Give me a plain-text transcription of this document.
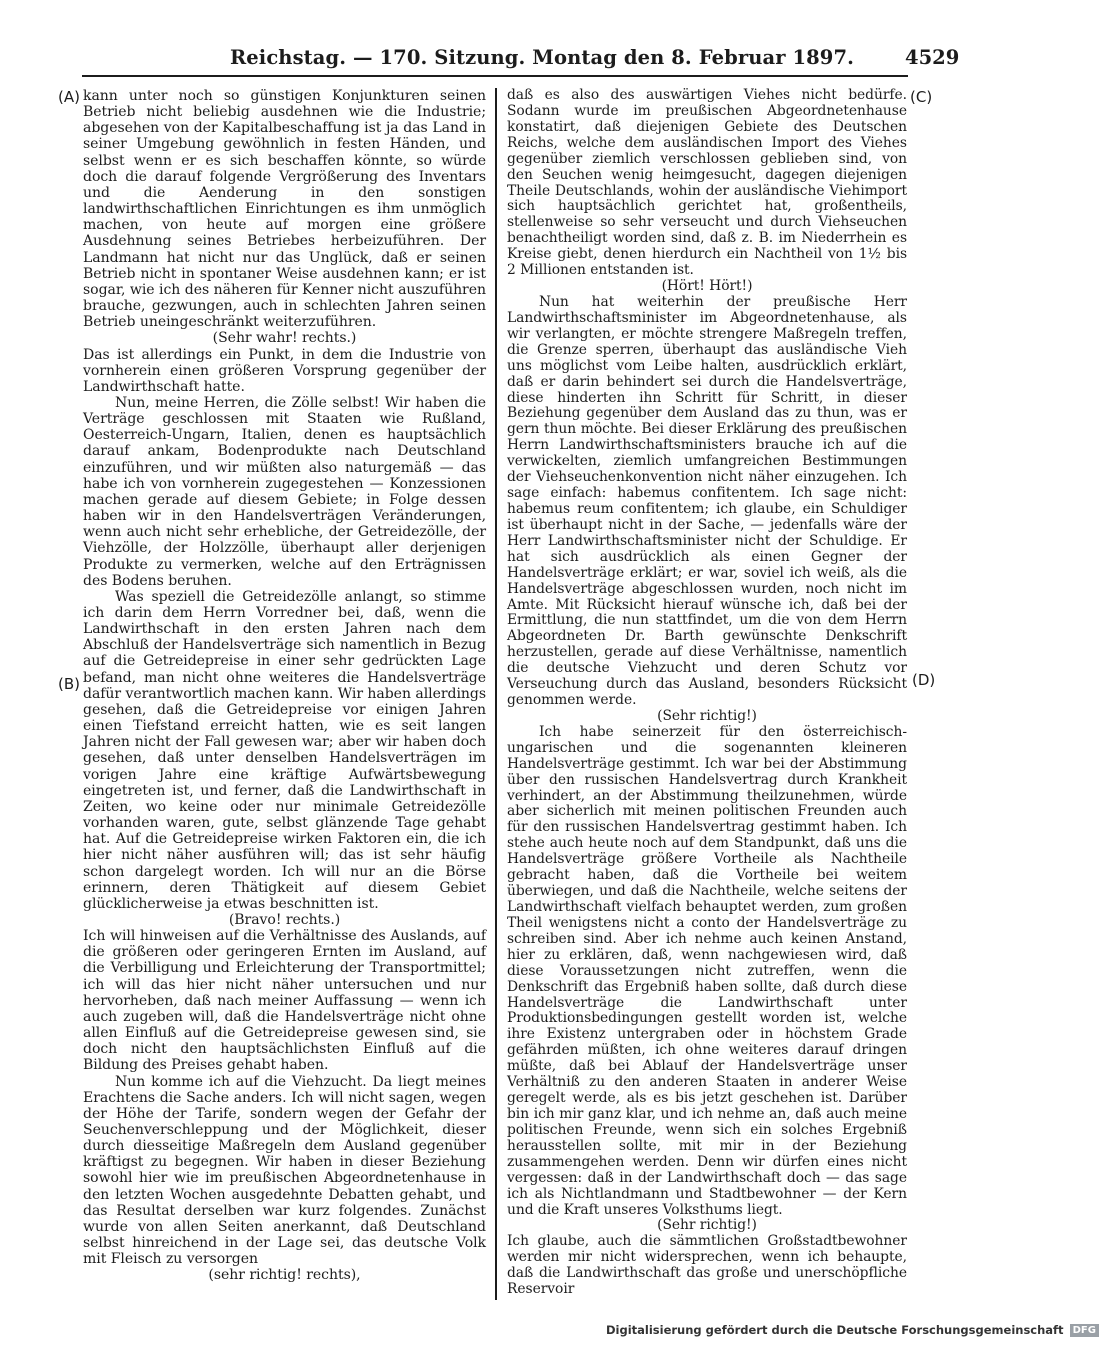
Reichstag. — 170. Sitzung. Montag den 8. Februar 1897.	4529
(A)
(B)
(C)
(D)

kann unter noch so günstigen Konjunkturen seinen Betrieb nicht beliebig ausdehnen wie die Industrie; abgesehen von der Kapitalbeschaffung ist ja das Land in seiner Umgebung gewöhnlich in festen Händen, und selbst wenn er es sich beschaffen könnte, so würde doch die darauf folgende Vergrößerung des Inventars und die Aenderung in den sonstigen landwirthschaftlichen Einrichtungen es ihm unmöglich machen, von heute auf morgen eine größere Ausdehnung seines Betriebes herbeizuführen. Der Landmann hat nicht nur das Unglück, daß er seinen Betrieb nicht in spontaner Weise ausdehnen kann; er ist sogar, wie ich des näheren für Kenner nicht auszuführen brauche, gezwungen, auch in schlechten Jahren seinen Betrieb uneingeschränkt weiterzuführen.

(Sehr wahr! rechts.)

Das ist allerdings ein Punkt, in dem die Industrie von vornherein einen größeren Vorsprung gegenüber der Landwirthschaft hatte.

Nun, meine Herren, die Zölle selbst! Wir haben die Verträge geschlossen mit Staaten wie Rußland, Oesterreich-Ungarn, Italien, denen es hauptsächlich darauf ankam, Bodenprodukte nach Deutschland einzuführen, und wir müßten also naturgemäß — das habe ich von vornherein zugegestehen — Konzessionen machen gerade auf diesem Gebiete; in Folge dessen haben wir in den Handelsverträgen Veränderungen, wenn auch nicht sehr erhebliche, der Getreidezölle, der Viehzölle, der Holzzölle, überhaupt aller derjenigen Produkte zu vermerken, welche auf den Erträgnissen des Bodens beruhen.

Was speziell die Getreidezölle anlangt, so stimme ich darin dem Herrn Vorredner bei, daß, wenn die Landwirthschaft in den ersten Jahren nach dem Abschluß der Handelsverträge sich namentlich in Bezug auf die Getreidepreise in einer sehr gedrückten Lage befand, man nicht ohne weiteres die Handelsverträge dafür verantwortlich machen kann. Wir haben allerdings gesehen, daß die Getreidepreise vor einigen Jahren einen Tiefstand erreicht hatten, wie es seit langen Jahren nicht der Fall gewesen war; aber wir haben doch gesehen, daß unter denselben Handelsverträgen im vorigen Jahre eine kräftige Aufwärtsbewegung eingetreten ist, und ferner, daß die Landwirthschaft in Zeiten, wo keine oder nur minimale Getreidezölle vorhanden waren, gute, selbst glänzende Tage gehabt hat. Auf die Getreidepreise wirken Faktoren ein, die ich hier nicht näher ausführen will; das ist sehr häufig schon dargelegt worden. Ich will nur an die Börse erinnern, deren Thätigkeit auf diesem Gebiet glücklicherweise ja etwas beschnitten ist.

(Bravo! rechts.)

Ich will hinweisen auf die Verhältnisse des Auslands, auf die größeren oder geringeren Ernten im Ausland, auf die Verbilligung und Erleichterung der Transportmittel; ich will das hier nicht näher untersuchen und nur hervorheben, daß nach meiner Auffassung — wenn ich auch zugeben will, daß die Handelsverträge nicht ohne allen Einfluß auf die Getreidepreise gewesen sind, sie doch nicht den hauptsächlichsten Einfluß auf die Bildung des Preises gehabt haben.

Nun komme ich auf die Viehzucht. Da liegt meines Erachtens die Sache anders. Ich will nicht sagen, wegen der Höhe der Tarife, sondern wegen der Gefahr der Seuchenverschleppung und der Möglichkeit, dieser durch diesseitige Maßregeln dem Ausland gegenüber kräftigst zu begegnen. Wir haben in dieser Beziehung sowohl hier wie im preußischen Abgeordnetenhause in den letzten Wochen ausgedehnte Debatten gehabt, und das Resultat derselben war kurz folgendes. Zunächst wurde von allen Seiten anerkannt, daß Deutschland selbst hinreichend in der Lage sei, das deutsche Volk mit Fleisch zu versorgen

(sehr richtig! rechts),

daß es also des auswärtigen Viehes nicht bedürfe. Sodann wurde im preußischen Abgeordnetenhause konstatirt, daß diejenigen Gebiete des Deutschen Reichs, welche dem ausländischen Import des Viehes gegenüber ziemlich verschlossen geblieben sind, von den Seuchen wenig heimgesucht, dagegen diejenigen Theile Deutschlands, wohin der ausländische Viehimport sich hauptsächlich gerichtet hat, großentheils, stellenweise so sehr verseucht und durch Viehseuchen benachtheiligt worden sind, daß z. B. im Niederrhein es Kreise giebt, denen hierdurch ein Nachtheil von 1½ bis 2 Millionen entstanden ist.

(Hört! Hört!)

Nun hat weiterhin der preußische Herr Landwirthschaftsminister im Abgeordnetenhause, als wir verlangten, er möchte strengere Maßregeln treffen, die Grenze sperren, überhaupt das ausländische Vieh uns möglichst vom Leibe halten, ausdrücklich erklärt, daß er darin behindert sei durch die Handelsverträge, diese hinderten ihn Schritt für Schritt, in dieser Beziehung gegenüber dem Ausland das zu thun, was er gern thun möchte. Bei dieser Erklärung des preußischen Herrn Landwirthschaftsministers brauche ich auf die verwickelten, ziemlich umfangreichen Bestimmungen der Viehseuchenkonvention nicht näher einzugehen. Ich sage einfach: habemus confitentem. Ich sage nicht: habemus reum confitentem; ich glaube, ein Schuldiger ist überhaupt nicht in der Sache, — jedenfalls wäre der Herr Landwirthschaftsminister nicht der Schuldige. Er hat sich ausdrücklich als einen Gegner der Handelsverträge erklärt; er war, soviel ich weiß, als die Handelsverträge abgeschlossen wurden, noch nicht im Amte. Mit Rücksicht hierauf wünsche ich, daß bei der Ermittlung, die nun stattfindet, um die von dem Herrn Abgeordneten Dr. Barth gewünschte Denkschrift herzustellen, gerade auf diese Verhältnisse, namentlich die deutsche Viehzucht und deren Schutz vor Verseuchung durch das Ausland, besonders Rücksicht genommen werde.

(Sehr richtig!)

Ich habe seinerzeit für den österreichisch-ungarischen und die sogenannten kleineren Handelsverträge gestimmt. Ich war bei der Abstimmung über den russischen Handelsvertrag durch Krankheit verhindert, an der Abstimmung theilzunehmen, würde aber sicherlich mit meinen politischen Freunden auch für den russischen Handelsvertrag gestimmt haben. Ich stehe auch heute noch auf dem Standpunkt, daß uns die Handelsverträge größere Vortheile als Nachtheile gebracht haben, daß die Vortheile bei weitem überwiegen, und daß die Nachtheile, welche seitens der Landwirthschaft vielfach behauptet werden, zum großen Theil wenigstens nicht a conto der Handelsverträge zu schreiben sind. Aber ich nehme auch keinen Anstand, hier zu erklären, daß, wenn nachgewiesen wird, daß diese Voraussetzungen nicht zutreffen, wenn die Denkschrift das Ergebniß haben sollte, daß durch diese Handelsverträge die Landwirthschaft unter Produktionsbedingungen gestellt worden ist, welche ihre Existenz untergraben oder in höchstem Grade gefährden müßten, ich ohne weiteres darauf dringen müßte, daß bei Ablauf der Handelsverträge unser Verhältniß zu den anderen Staaten in anderer Weise geregelt werde, als es bis jetzt geschehen ist. Darüber bin ich mir ganz klar, und ich nehme an, daß auch meine politischen Freunde, wenn sich ein solches Ergebniß herausstellen sollte, mit mir in der Beziehung zusammengehen werden. Denn wir dürfen eines nicht vergessen: daß in der Landwirthschaft doch — das sage ich als Nichtlandmann und Stadtbewohner — der Kern und die Kraft unseres Volksthums liegt.

(Sehr richtig!)

Ich glaube, auch die sämmtlichen Großstadtbewohner werden mir nicht widersprechen, wenn ich behaupte, daß die Landwirthschaft das große und unerschöpfliche Reservoir

Digitalisierung gefördert durch die Deutsche Forschungsgemeinschaft DFG
